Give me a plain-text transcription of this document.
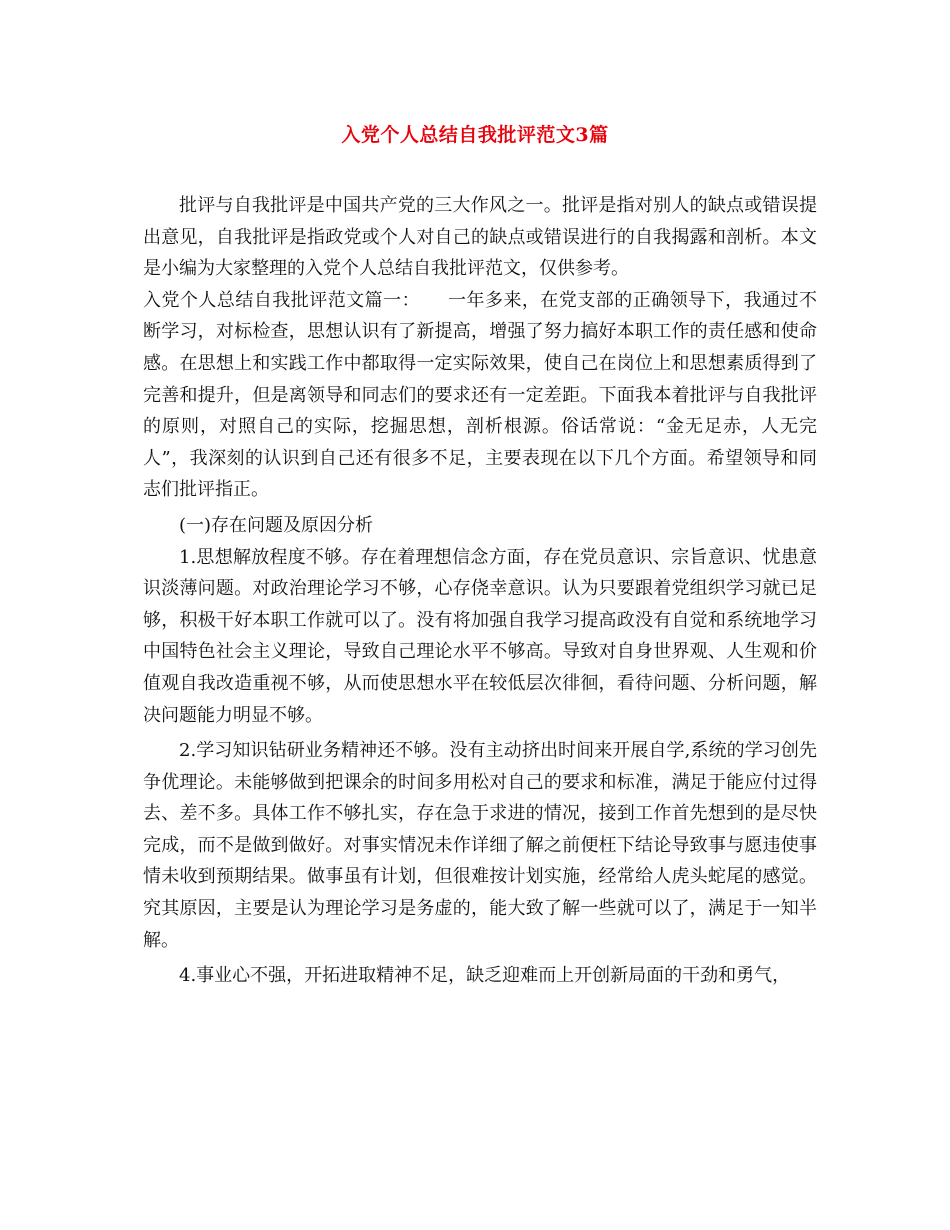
入党个人总结自我批评范文3篇

批评与自我批评是中国共产党的三大作风之一。批评是指对别人的缺点或错误提出意见，自我批评是指政党或个人对自己的缺点或错误进行的自我揭露和剖析。本文是小编为大家整理的入党个人总结自我批评范文，仅供参考。

入党个人总结自我批评范文篇一：　　一年多来，在党支部的正确领导下，我通过不断学习，对标检查，思想认识有了新提高，增强了努力搞好本职工作的责任感和使命感。在思想上和实践工作中都取得一定实际效果，使自己在岗位上和思想素质得到了完善和提升，但是离领导和同志们的要求还有一定差距。下面我本着批评与自我批评的原则，对照自己的实际，挖掘思想，剖析根源。俗话常说：“金无足赤，人无完人”，我深刻的认识到自己还有很多不足，主要表现在以下几个方面。希望领导和同志们批评指正。

(一)存在问题及原因分析

1.思想解放程度不够。存在着理想信念方面，存在党员意识、宗旨意识、忧患意识淡薄问题。对政治理论学习不够，心存侥幸意识。认为只要跟着党组织学习就已足够，积极干好本职工作就可以了。没有将加强自我学习提高政没有自觉和系统地学习中国特色社会主义理论，导致自己理论水平不够高。导致对自身世界观、人生观和价值观自我改造重视不够，从而使思想水平在较低层次徘徊，看待问题、分析问题，解决问题能力明显不够。

2.学习知识钻研业务精神还不够。没有主动挤出时间来开展自学,系统的学习创先争优理论。未能够做到把课余的时间多用松对自己的要求和标准，满足于能应付过得去、差不多。具体工作不够扎实，存在急于求进的情况，接到工作首先想到的是尽快完成，而不是做到做好。对事实情况未作详细了解之前便枉下结论导致事与愿违使事情未收到预期结果。做事虽有计划，但很难按计划实施，经常给人虎头蛇尾的感觉。究其原因，主要是认为理论学习是务虚的，能大致了解一些就可以了，满足于一知半解。

4.事业心不强，开拓进取精神不足，缺乏迎难而上开创新局面的干劲和勇气，
